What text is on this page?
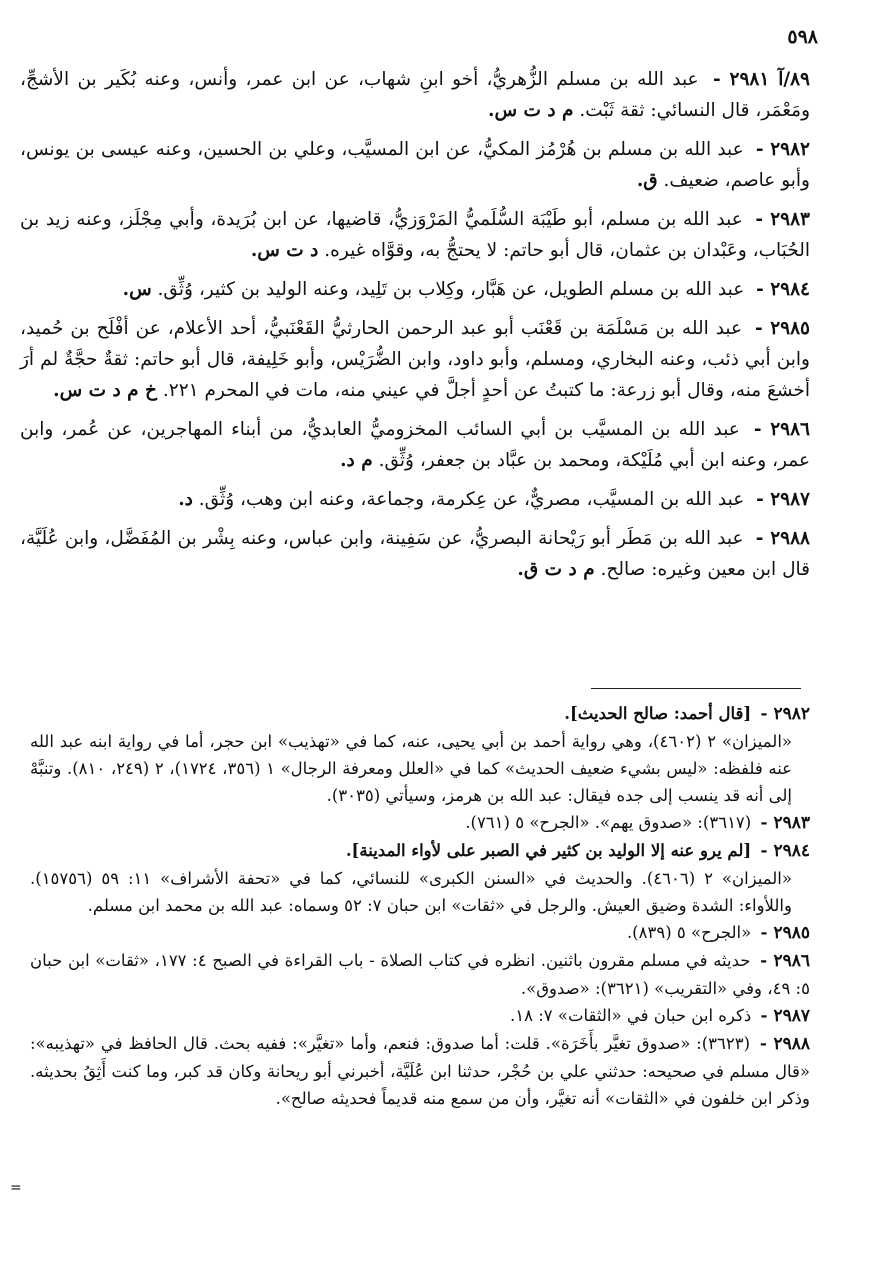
٥٩٨

٨٩/آ ٢٩٨١ - عبد الله بن مسلم الزُّهريُّ، أخو ابنِ شهاب، عن ابن عمر، وأنس، وعنه بُكَير بن الأشجِّ، ومَعْمَر، قال النسائي: ثقة ثَبْت. م د ت س.

٢٩٨٢ - عبد الله بن مسلم بن هُرْمُز المكيُّ، عن ابن المسيَّب، وعلي بن الحسين، وعنه عيسى بن يونس، وأبو عاصم، ضعيف. ق.

٢٩٨٣ - عبد الله بن مسلم، أبو طَيْبَة السُّلَميُّ المَرْوَزيُّ، قاضيها، عن ابن بُرَيدة، وأبي مِجْلَز، وعنه زيد بن الحُبَاب، وعَبْدان بن عثمان، قال أبو حاتم: لا يحتجُّ به، وقوَّاه غيره. د ت س.

٢٩٨٤ - عبد الله بن مسلم الطويل، عن هَبَّار، وكِلاب بن تَلِيد، وعنه الوليد بن كثير، وُثِّق. س.

٢٩٨٥ - عبد الله بن مَسْلَمَة بن قَعْنَب أبو عبد الرحمن الحارثيُّ القَعْنَبيُّ، أحد الأعلام، عن أفْلَح بن حُميد، وابن أبي ذئب، وعنه البخاري، ومسلم، وأبو داود، وابن الضُّرَيْس، وأبو خَلِيفة، قال أبو حاتم: ثقةٌ حجَّةٌ لم أرَ أخشعَ منه، وقال أبو زرعة: ما كتبتُ عن أحدٍ أجلَّ في عيني منه، مات في المحرم ٢٢١. خ م د ت س.

٢٩٨٦ - عبد الله بن المسيَّب بن أبي السائب المخزوميُّ العابديُّ، من أبناء المهاجرين، عن عُمر، وابن عمر، وعنه ابن أبي مُلَيْكة، ومحمد بن عبَّاد بن جعفر، وُثِّق. م د.

٢٩٨٧ - عبد الله بن المسيَّب، مصريٌّ، عن عِكرمة، وجماعة، وعنه ابن وهب، وُثِّق. د.

٢٩٨٨ - عبد الله بن مَطَر أبو رَيْحانة البصريُّ، عن سَفِينة، وابن عباس، وعنه بِشْر بن المُفَضَّل، وابن عُلَيَّة، قال ابن معين وغيره: صالح. م د ت ق.

٢٩٨٢ - [قال أحمد: صالح الحديث].
«الميزان» ٢ (٤٦٠٢)، وهي رواية أحمد بن أبي يحيى، عنه، كما في «تهذيب» ابن حجر، أما في رواية ابنه عبد الله عنه فلفظه: «ليس بشيء ضعيف الحديث» كما في «العلل ومعرفة الرجال» ١ (٣٥٦، ١٧٢٤)، ٢ (٢٤٩، ٨١٠). وتنبَّهْ إلى أنه قد ينسب إلى جده فيقال: عبد الله بن هرمز، وسيأتي (٣٠٣٥).

٢٩٨٣ - (٣٦١٧): «صدوق يهم». «الجرح» ٥ (٧٦١).

٢٩٨٤ - [لم يرو عنه إلا الوليد بن كثير في الصبر على لأواء المدينة].
«الميزان» ٢ (٤٦٠٦). والحديث في «السنن الكبرى» للنسائي، كما في «تحفة الأشراف» ١١: ٥٩ (١٥٧٥٦). واللأواء: الشدة وضيق العيش. والرجل في «ثقات» ابن حبان ٧: ٥٢ وسماه: عبد الله بن محمد ابن مسلم.

٢٩٨٥ - «الجرح» ٥ (٨٣٩).

٢٩٨٦ - حديثه في مسلم مقرون باثنين. انظره في كتاب الصلاة - باب القراءة في الصبح ٤: ١٧٧، «ثقات» ابن حبان ٥: ٤٩، وفي «التقريب» (٣٦٢١): «صدوق».

٢٩٨٧ - ذكره ابن حبان في «الثقات» ٧: ١٨.

٢٩٨٨ - (٣٦٢٣): «صدوق تغيَّر بأَخَرَة». قلت: أما صدوق: فنعم، وأما «تغيَّر»: ففيه بحث. قال الحافظ في «تهذيبه»: «قال مسلم في صحيحه: حدثني علي بن حُجْر، حدثنا ابن عُلَيَّة، أخبرني أبو ريحانة وكان قد كبر، وما كنت أَثِقُ بحديثه. وذكر ابن خلفون في «الثقات» أنه تغيَّر، وأن من سمع منه قديماً فحديثه صالح».

=
